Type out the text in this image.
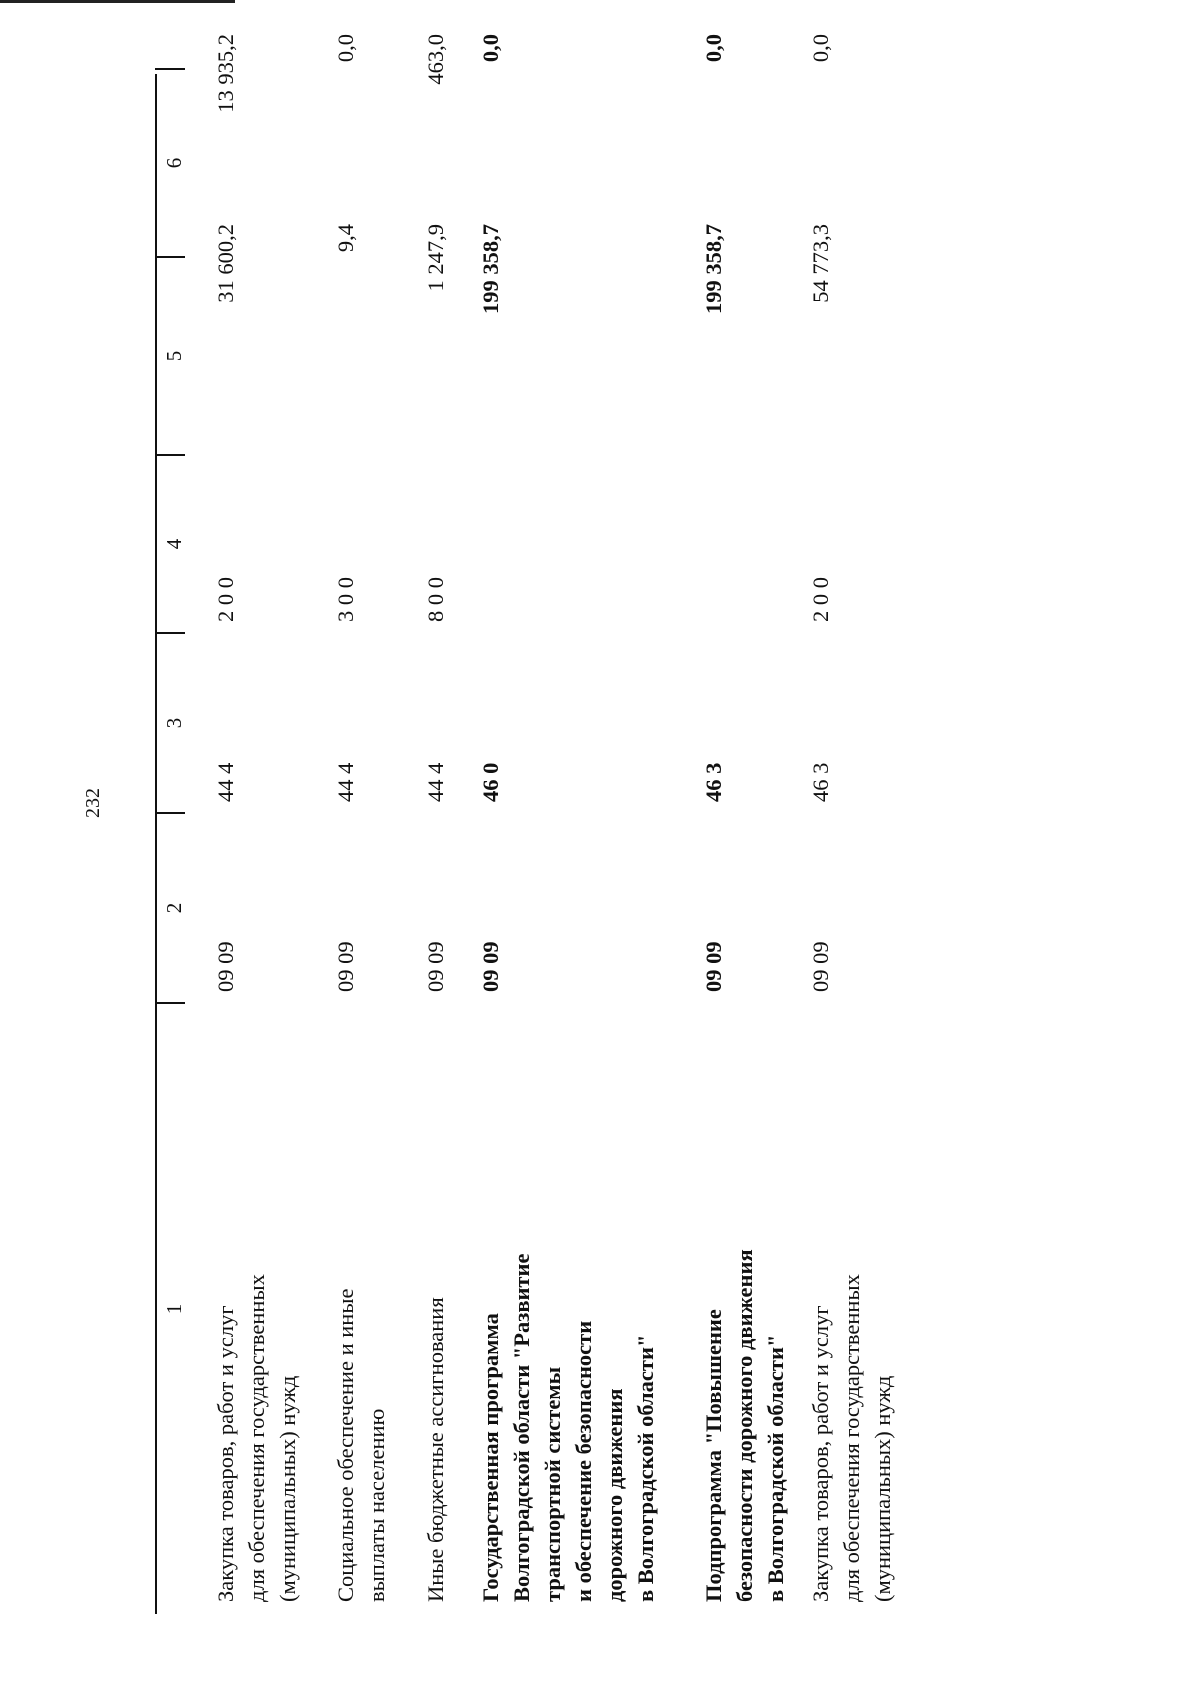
232
1
2
3
4
5
6
Закупка товаров, работ и услуг
для обеспечения государственных
(муниципальных) нужд
09 09
44 4
2 0 0
31 600,2
13 935,2
Социальное обеспечение и иные
выплаты населению
09 09
44 4
3 0 0
9,4
0,0
Иные бюджетные ассигнования
09 09
44 4
8 0 0
1 247,9
463,0
Государственная программа
Волгоградской области "Развитие
транспортной системы
и обеспечение безопасности
дорожного движения
в Волгоградской области"
09 09
46 0
199 358,7
0,0
Подпрограмма "Повышение
безопасности дорожного движения
в Волгоградской области"
09 09
46 3
199 358,7
0,0
Закупка товаров, работ и услуг
для обеспечения государственных
(муниципальных) нужд
09 09
46 3
2 0 0
54 773,3
0,0
